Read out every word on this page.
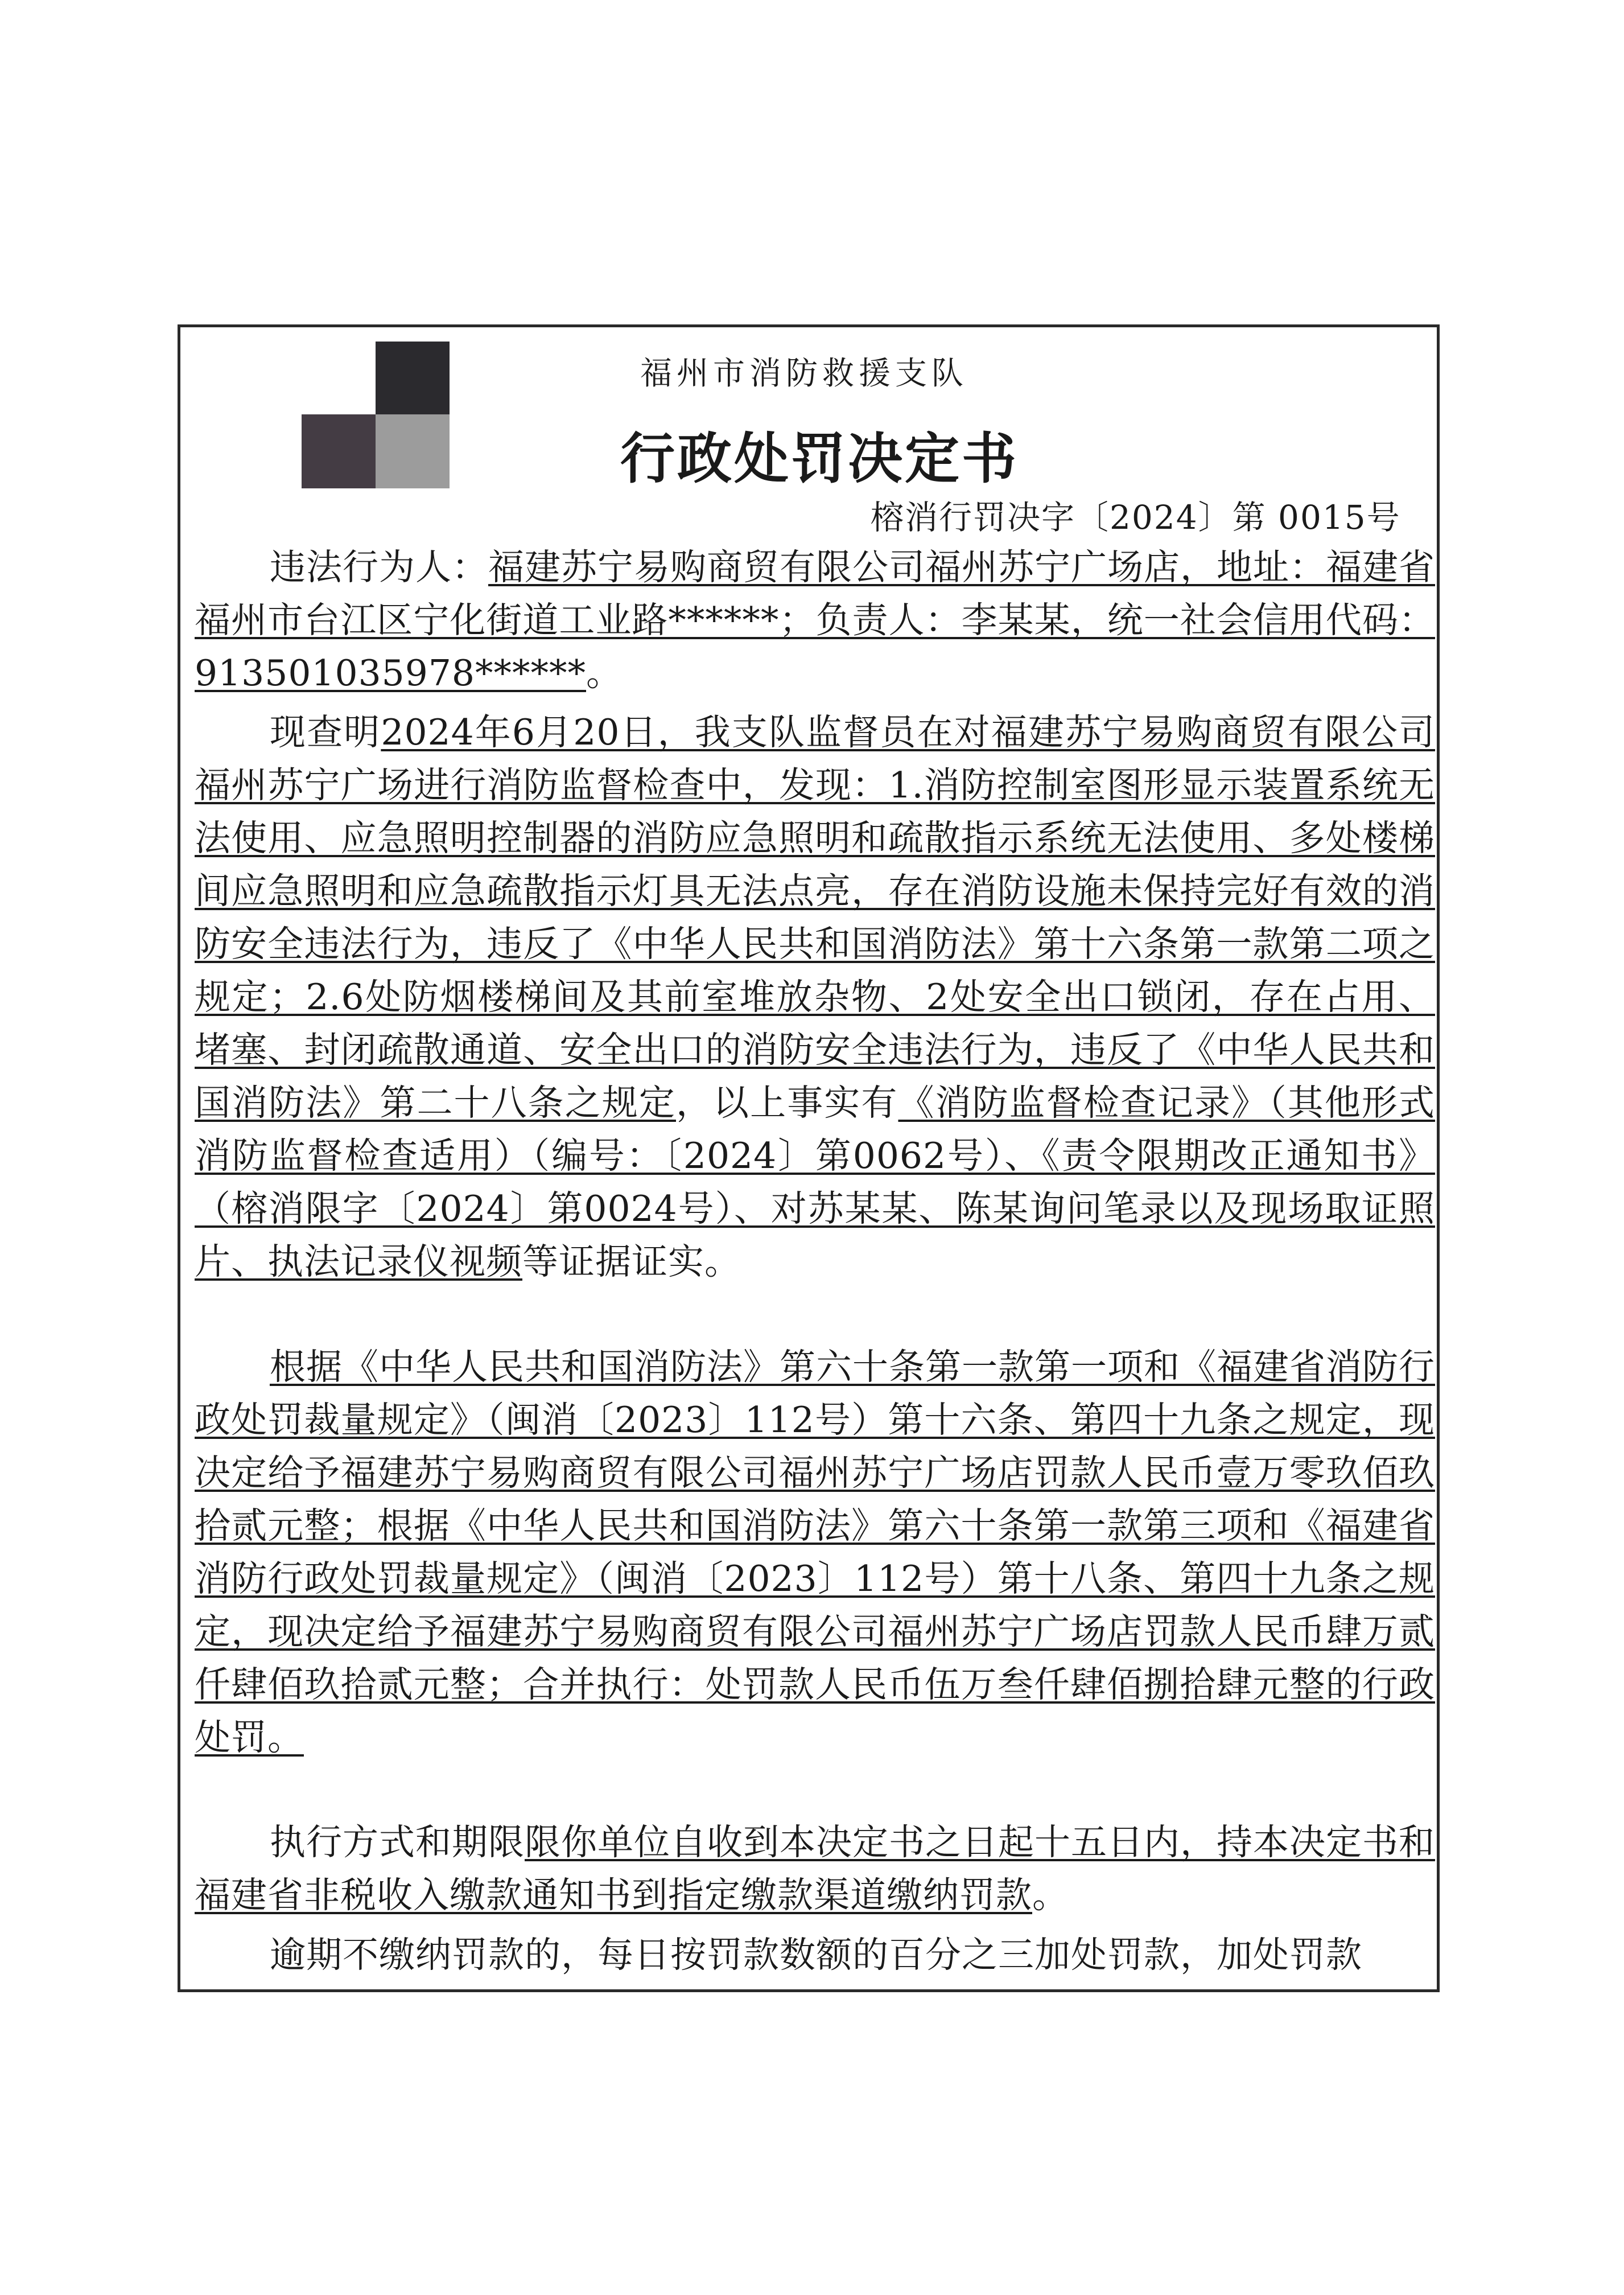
福州市消防救援支队
行政处罚决定书
榕消行罚决字〔2024〕第 0015号

违法行为人：福建苏宁易购商贸有限公司福州苏宁广场店，地址：福建省福州市台江区宁化街道工业路******；负责人：李某某，统一社会信用代码：913501035978******。

现查明2024年6月20日，我支队监督员在对福建苏宁易购商贸有限公司福州苏宁广场进行消防监督检查中，发现：1.消防控制室图形显示装置系统无法使用、应急照明控制器的消防应急照明和疏散指示系统无法使用、多处楼梯间应急照明和应急疏散指示灯具无法点亮，存在消防设施未保持完好有效的消防安全违法行为，违反了《中华人民共和国消防法》第十六条第一款第二项之规定；2.6处防烟楼梯间及其前室堆放杂物、2处安全出口锁闭，存在占用、堵塞、封闭疏散通道、安全出口的消防安全违法行为，违反了《中华人民共和国消防法》第二十八条之规定，以上事实有《消防监督检查记录》（其他形式消防监督检查适用）（编号：〔2024〕第0062号）、《责令限期改正通知书》（榕消限字〔2024〕第0024号）、对苏某某、陈某询问笔录以及现场取证照片、执法记录仪视频等证据证实。

根据《中华人民共和国消防法》第六十条第一款第一项和《福建省消防行政处罚裁量规定》（闽消〔2023〕112号）第十六条、第四十九条之规定，现决定给予福建苏宁易购商贸有限公司福州苏宁广场店罚款人民币壹万零玖佰玖拾贰元整；根据《中华人民共和国消防法》第六十条第一款第三项和《福建省消防行政处罚裁量规定》（闽消〔2023〕112号）第十八条、第四十九条之规定，现决定给予福建苏宁易购商贸有限公司福州苏宁广场店罚款人民币肆万贰仟肆佰玖拾贰元整；合并执行：处罚款人民币伍万叁仟肆佰捌拾肆元整的行政处罚。

执行方式和期限限你单位自收到本决定书之日起十五日内，持本决定书和福建省非税收入缴款通知书到指定缴款渠道缴纳罚款。

逾期不缴纳罚款的，每日按罚款数额的百分之三加处罚款，加处罚款
